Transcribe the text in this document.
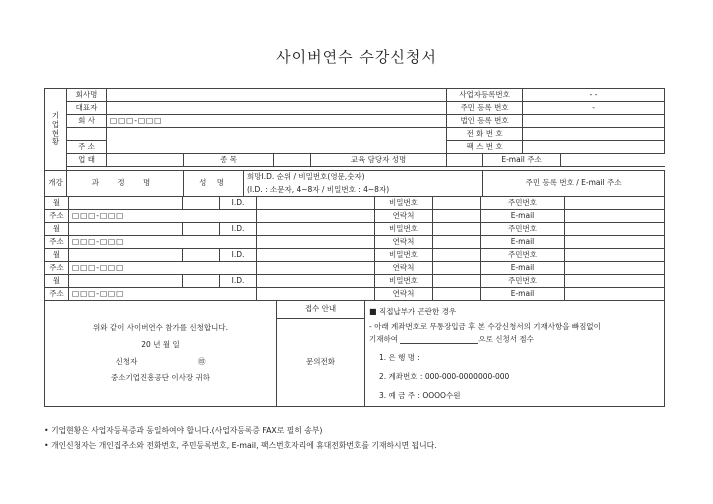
사이버연수 수강신청서
기
업
현
황	회사명						사업자등록번호		- -
	대표자						주민 등록 번호		-
	회 사	□□□-□□□					법인 등록 번호		
							전 화 번 호		
	주 소						팩 스 번 호		
	업 태		종 목			교육 담당자 성명		E-mail 주소	

개강	과 정 명		성 명	희망I.D. 순위 / 비밀번호(영문,숫자)
(I.D. : 소문자, 4~8자 / 비밀번호 : 4~8자)				주민 등록 번호 / E-mail 주소	
월			I.D.		비밀번호		주민번호	
주소	□□□-□□□				연락처		E-mail	
월			I.D.		비밀번호		주민번호	
주소	□□□-□□□				연락처		E-mail	
월			I.D.		비밀번호		주민번호	
주소	□□□-□□□				연락처		E-mail	
월			I.D.		비밀번호		주민번호	
주소	□□□-□□□				연락처		E-mail	
위와 같이 사이버연수 참가를 신청합니다.
20 년 월 일
신청자	㊞
중소기업진흥공단 이사장 귀하
	접수 안내	■ 직접납부가 곤란한 경우
- 아래 계좌번호로 무통장입금 후 본 수강신청서의 기재사항을 빠짐없이
기재하여	으로 신청서 접수
1. 은 행 명 :
2. 계좌번호 : 000-000-0000000-000
3. 예 금 주 : OOOO수원

문의전화
• 기업현황은 사업자등록증과 동일하여야 합니다.(사업자등록증 FAX로 필히 송부)
• 개인신청자는 개인집주소와 전화번호, 주민등록번호, E-mail, 팩스번호자리에 휴대전화번호를 기재하시면 됩니다.
